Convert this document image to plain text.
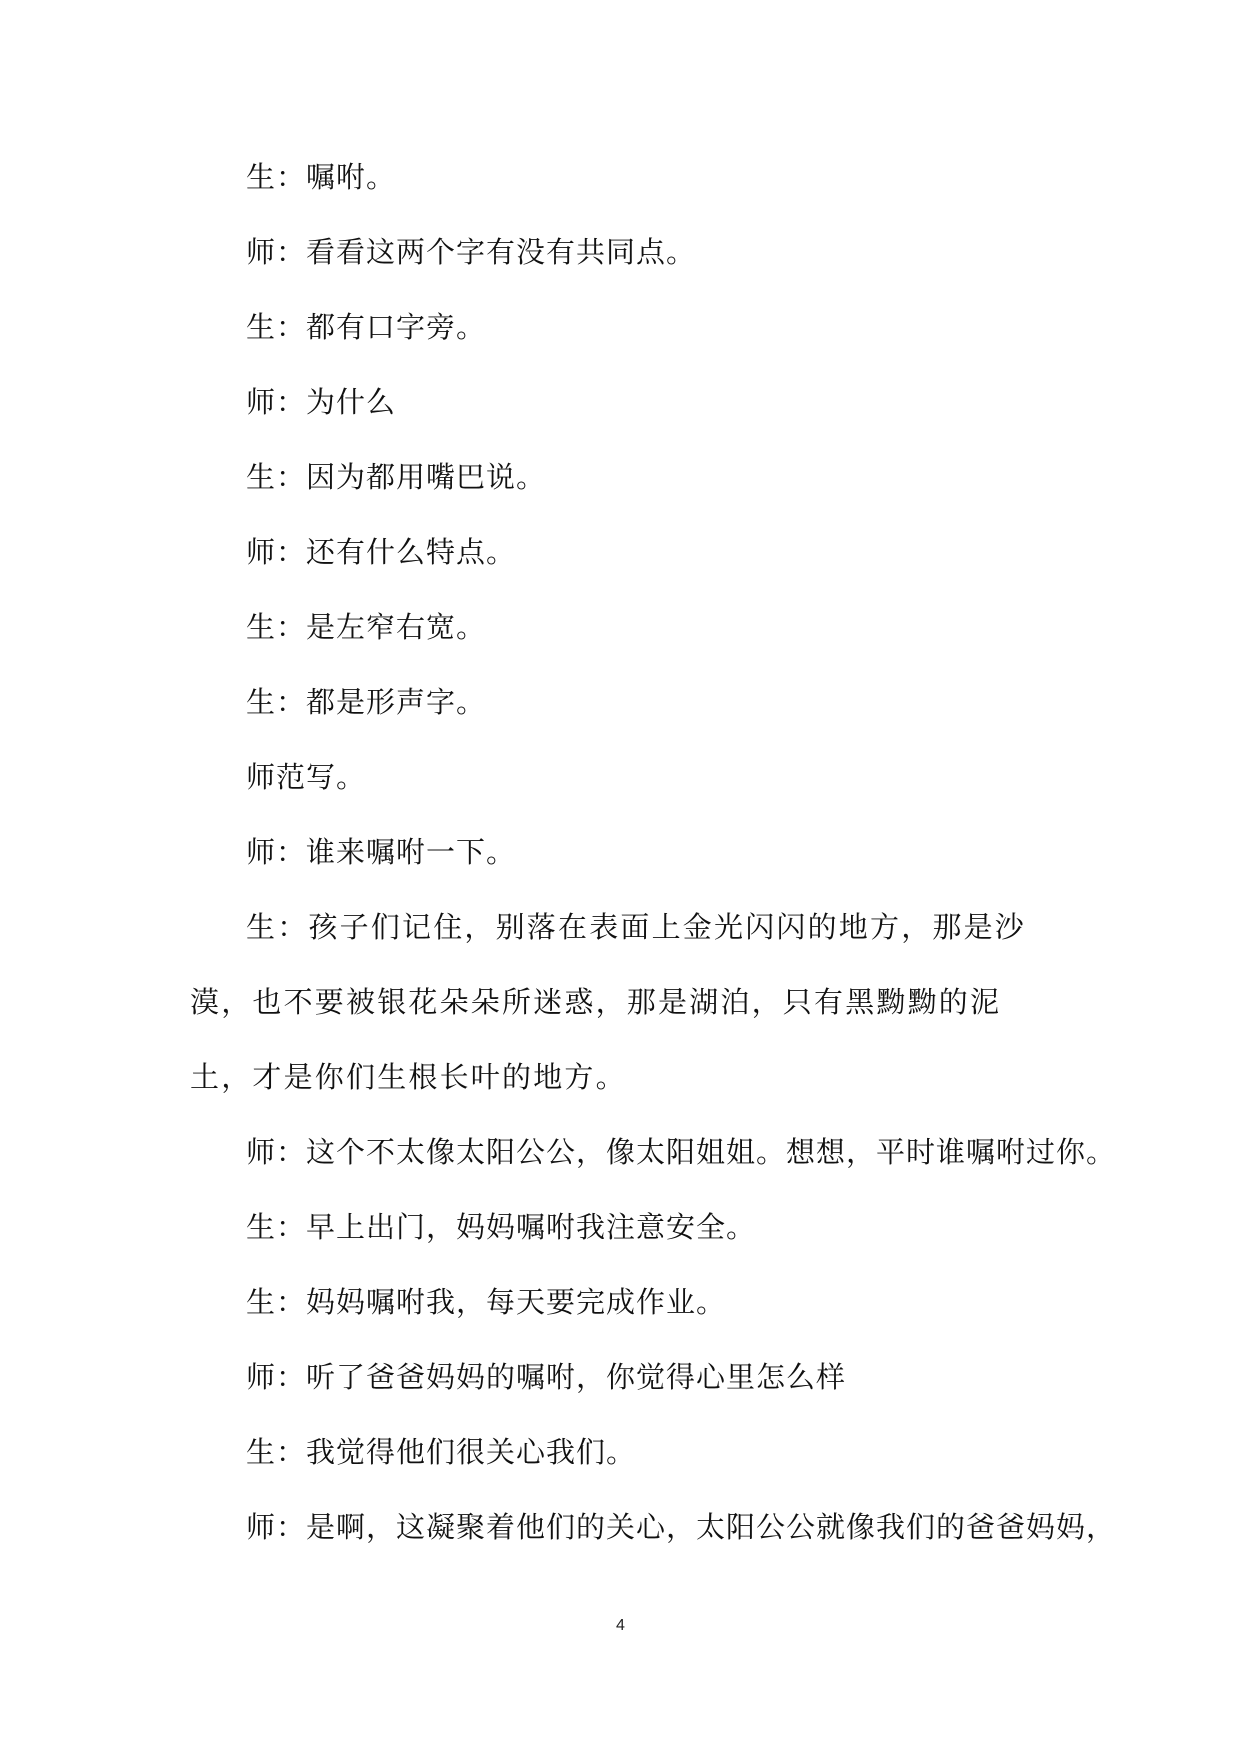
生：嘱咐。

师：看看这两个字有没有共同点。

生：都有口字旁。

师：为什么

生：因为都用嘴巴说。

师：还有什么特点。

生：是左窄右宽。

生：都是形声字。

师范写。

师：谁来嘱咐一下。

生：孩子们记住，别落在表面上金光闪闪的地方，那是沙漠，也不要被银花朵朵所迷惑，那是湖泊，只有黑黝黝的泥土，才是你们生根长叶的地方。

师：这个不太像太阳公公，像太阳姐姐。想想，平时谁嘱咐过你。

生：早上出门，妈妈嘱咐我注意安全。

生：妈妈嘱咐我，每天要完成作业。

师：听了爸爸妈妈的嘱咐，你觉得心里怎么样

生：我觉得他们很关心我们。

师：是啊，这凝聚着他们的关心，太阳公公就像我们的爸爸妈妈，

4
